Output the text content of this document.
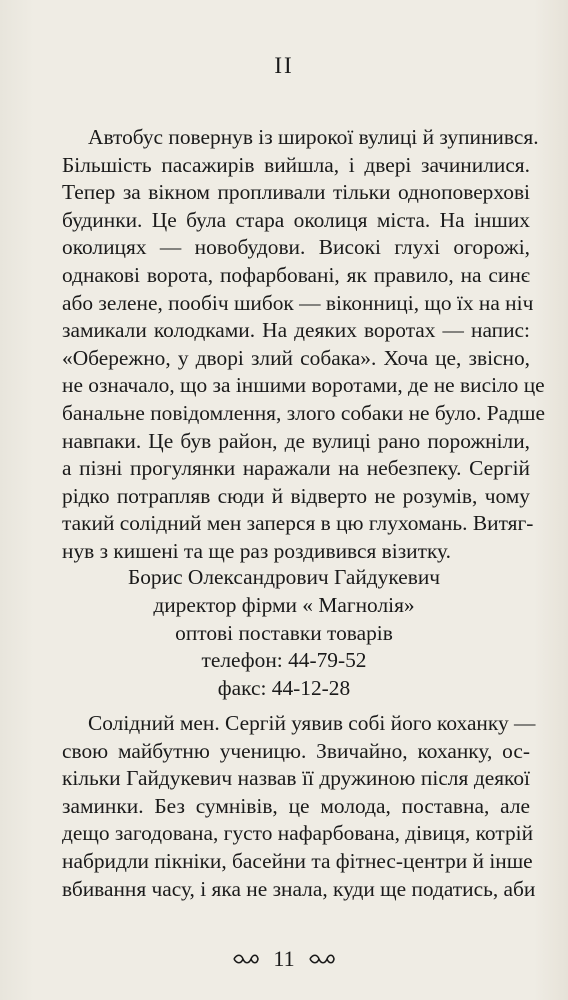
II
Автобус повернув із широкої вулиці й зупинився.
Більшість пасажирів вийшла, і двері зачинилися.
Тепер за вікном пропливали тільки одноповерхові
будинки. Це була стара околиця міста. На інших
околицях — новобудови. Високі глухі огорожі,
однакові ворота, пофарбовані, як правило, на синє
або зелене, пообіч шибок — віконниці, що їх на ніч
замикали колодками. На деяких воротах — напис:
«Обережно, у дворі злий собака». Хоча це, звісно,
не означало, що за іншими воротами, де не висіло це
банальне повідомлення, злого собаки не було. Радше
навпаки. Це був район, де вулиці рано порожніли,
а пізні прогулянки наражали на небезпеку. Сергій
рідко потрапляв сюди й відверто не розумів, чому
такий солідний мен заперся в цю глухомань. Витяг-
нув з кишені та ще раз роздивився візитку.
Борис Олександрович Гайдукевич
директор фірми « Магнолія»
оптові поставки товарів
телефон: 44-79-52
факс: 44-12-28
Солідний мен. Сергій уявив собі його коханку —
свою майбутню ученицю. Звичайно, коханку, ос-
кільки Гайдукевич назвав її дружиною після деякої
заминки. Без сумнівів, це молода, поставна, але
дещо загодована, густо нафарбована, дівиця, котрій
набридли пікніки, басейни та фітнес-центри й інше
вбивання часу, і яка не знала, куди ще податись, аби
11
